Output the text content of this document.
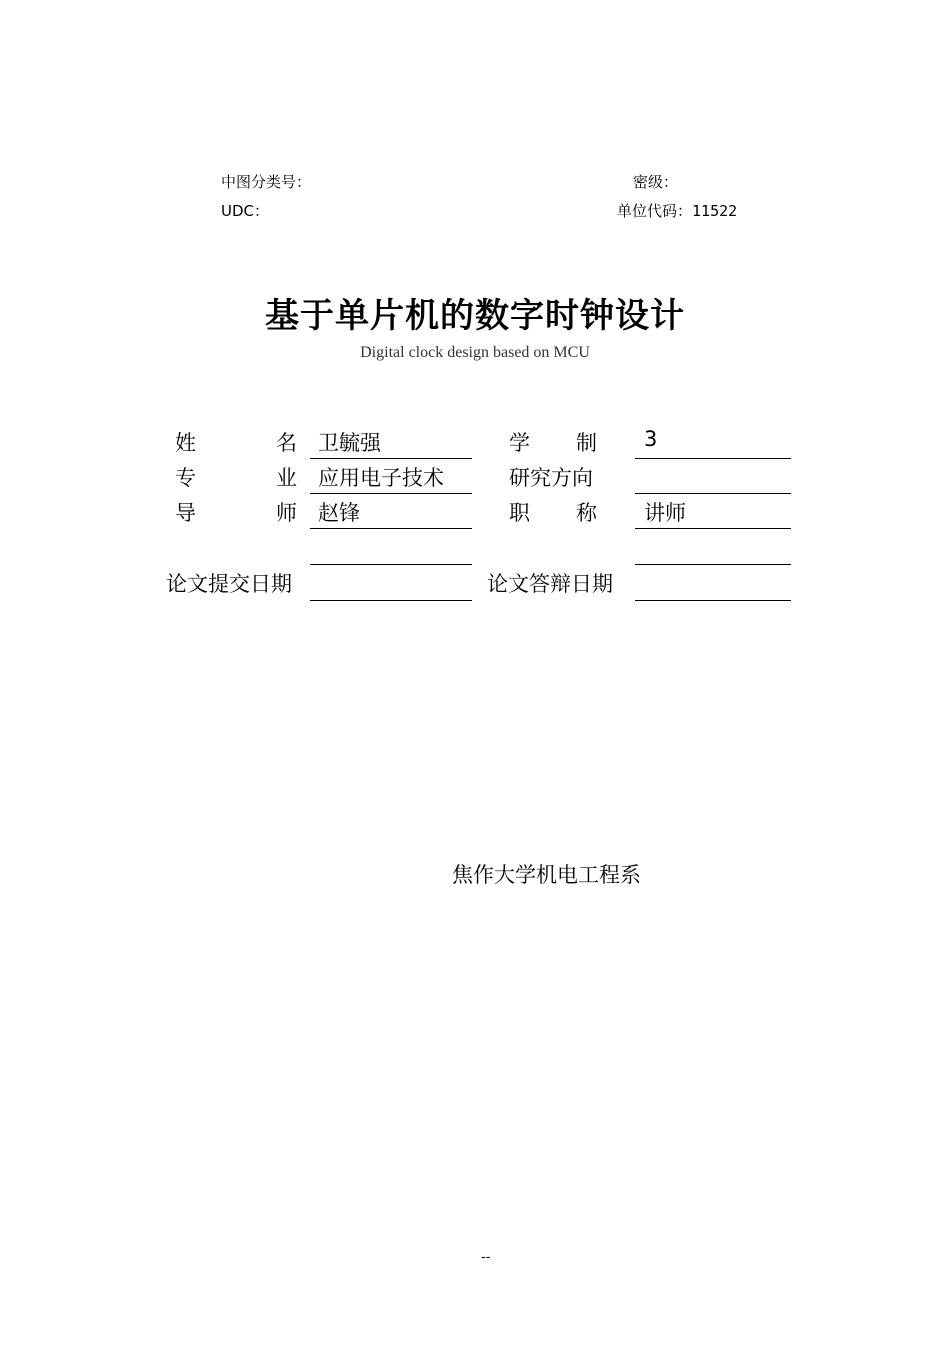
中图分类号：	密级：
UDC：	单位代码：11522
基于单片机的数字时钟设计
Digital clock design based on MCU
姓	名 卫毓强	学 制 3
专	业 应用电子技术	研究方向
导	师 赵锋	职 称 讲师
论文提交日期	论文答辩日期
焦作大学机电工程系
--
